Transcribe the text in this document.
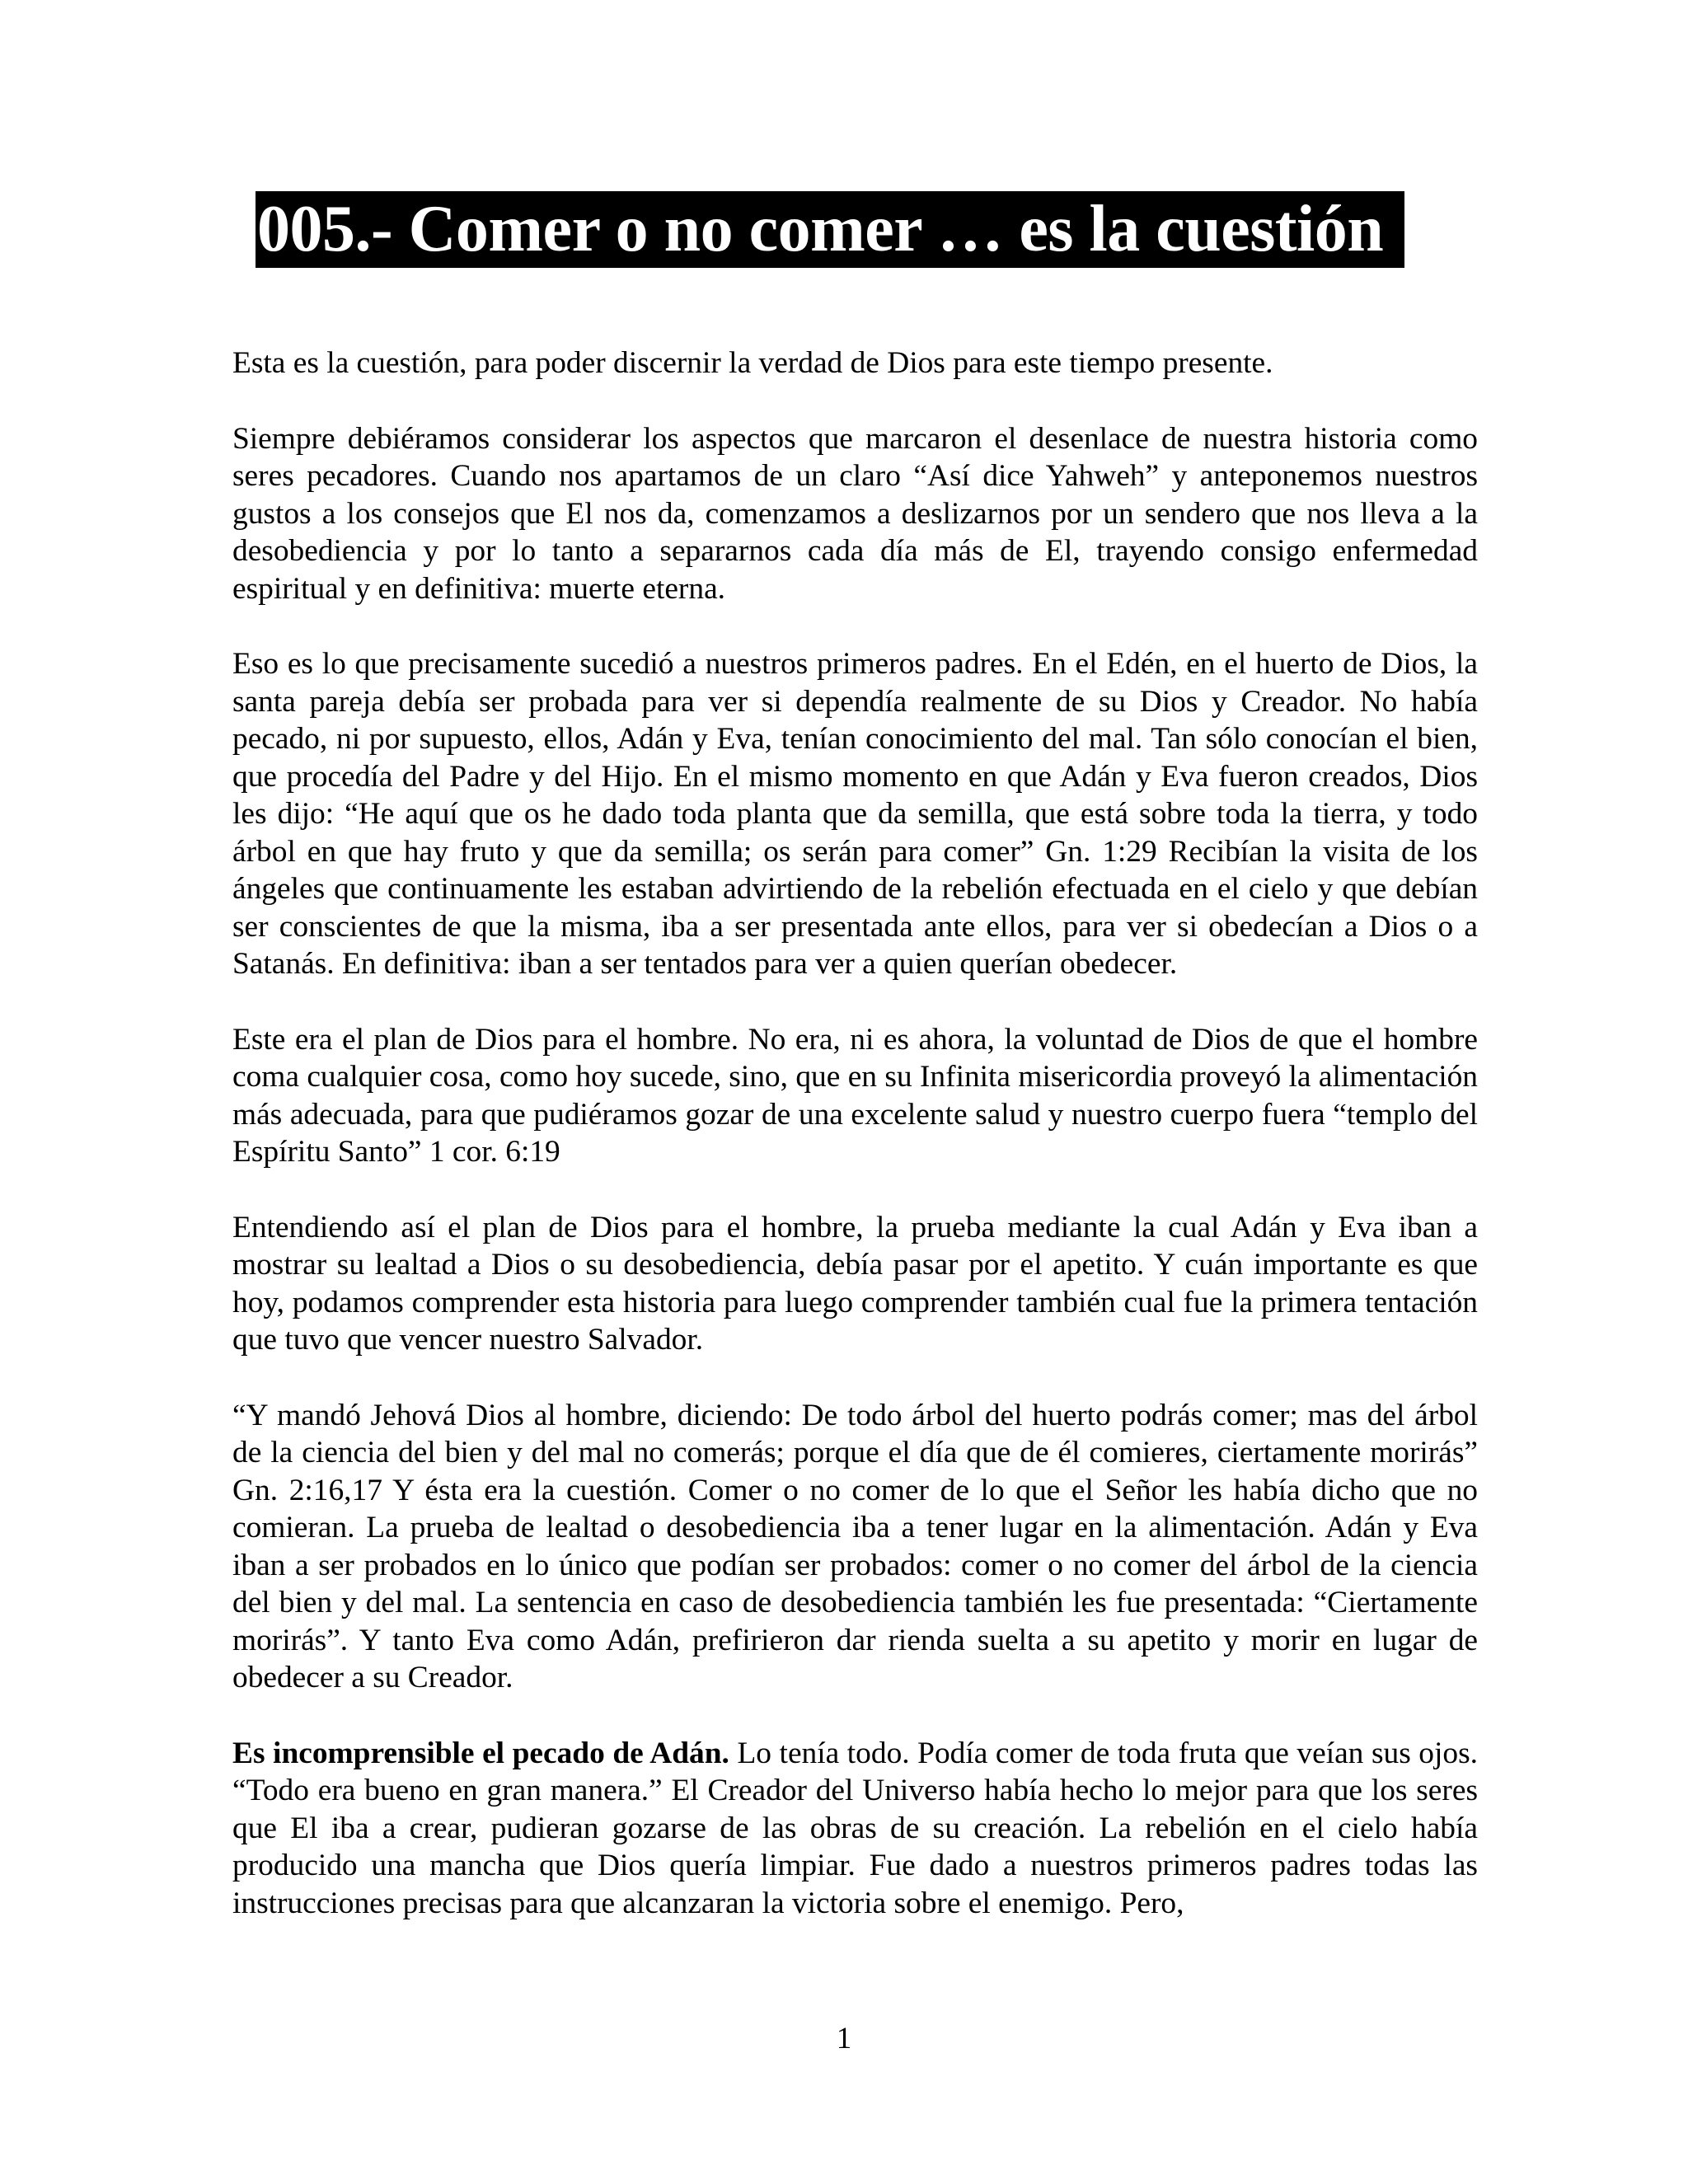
005.- Comer o no comer … es la cuestión

Esta es la cuestión, para poder discernir la verdad de Dios para este tiempo presente.

Siempre debiéramos considerar los aspectos que marcaron el desenlace de nuestra historia como seres pecadores. Cuando nos apartamos de un claro “Así dice Yahweh” y anteponemos nuestros gustos a los consejos que El nos da, comenzamos a deslizarnos por un sendero que nos lleva a la desobediencia y por lo tanto a separarnos cada día más de El, trayendo consigo enfermedad espiritual y en definitiva: muerte eterna.

Eso es lo que precisamente sucedió a nuestros primeros padres. En el Edén, en el huerto de Dios, la santa pareja debía ser probada para ver si dependía realmente de su Dios y Creador. No había pecado, ni por supuesto, ellos, Adán y Eva, tenían conocimiento del mal. Tan sólo conocían el bien, que procedía del Padre y del Hijo. En el mismo momento en que Adán y Eva fueron creados, Dios les dijo: “He aquí que os he dado toda planta que da semilla, que está sobre toda la tierra, y todo árbol en que hay fruto y que da semilla; os serán para comer” Gn. 1:29 Recibían la visita de los ángeles que continuamente les estaban advirtiendo de la rebelión efectuada en el cielo y que debían ser conscientes de que la misma, iba a ser presentada ante ellos, para ver si obedecían a Dios o a Satanás. En definitiva: iban a ser tentados para ver a quien querían obedecer.

Este era el plan de Dios para el hombre. No era, ni es ahora, la voluntad de Dios de que el hombre coma cualquier cosa, como hoy sucede, sino, que en su Infinita misericordia proveyó la alimentación más adecuada, para que pudiéramos gozar de una excelente salud y nuestro cuerpo fuera “templo del Espíritu Santo” 1 cor. 6:19

Entendiendo así el plan de Dios para el hombre, la prueba mediante la cual Adán y Eva iban a mostrar su lealtad a Dios o su desobediencia, debía pasar por el apetito. Y cuán importante es que hoy, podamos comprender esta historia para luego comprender también cual fue la primera tentación que tuvo que vencer nuestro Salvador.

“Y mandó Jehová Dios al hombre, diciendo: De todo árbol del huerto podrás comer; mas del árbol de la ciencia del bien y del mal no comerás; porque el día que de él comieres, ciertamente morirás” Gn. 2:16,17 Y ésta era la cuestión. Comer o no comer de lo que el Señor les había dicho que no comieran. La prueba de lealtad o desobediencia iba a tener lugar en la alimentación. Adán y Eva iban a ser probados en lo único que podían ser probados: comer o no comer del árbol de la ciencia del bien y del mal. La sentencia en caso de desobediencia también les fue presentada: “Ciertamente morirás”. Y tanto Eva como Adán, prefirieron dar rienda suelta a su apetito y morir en lugar de obedecer a su Creador.

Es incomprensible el pecado de Adán. Lo tenía todo. Podía comer de toda fruta que veían sus ojos. “Todo era bueno en gran manera.” El Creador del Universo había hecho lo mejor para que los seres que El iba a crear, pudieran gozarse de las obras de su creación. La rebelión en el cielo había producido una mancha que Dios quería limpiar. Fue dado a nuestros primeros padres todas las instrucciones precisas para que alcanzaran la victoria sobre el enemigo. Pero,

1
